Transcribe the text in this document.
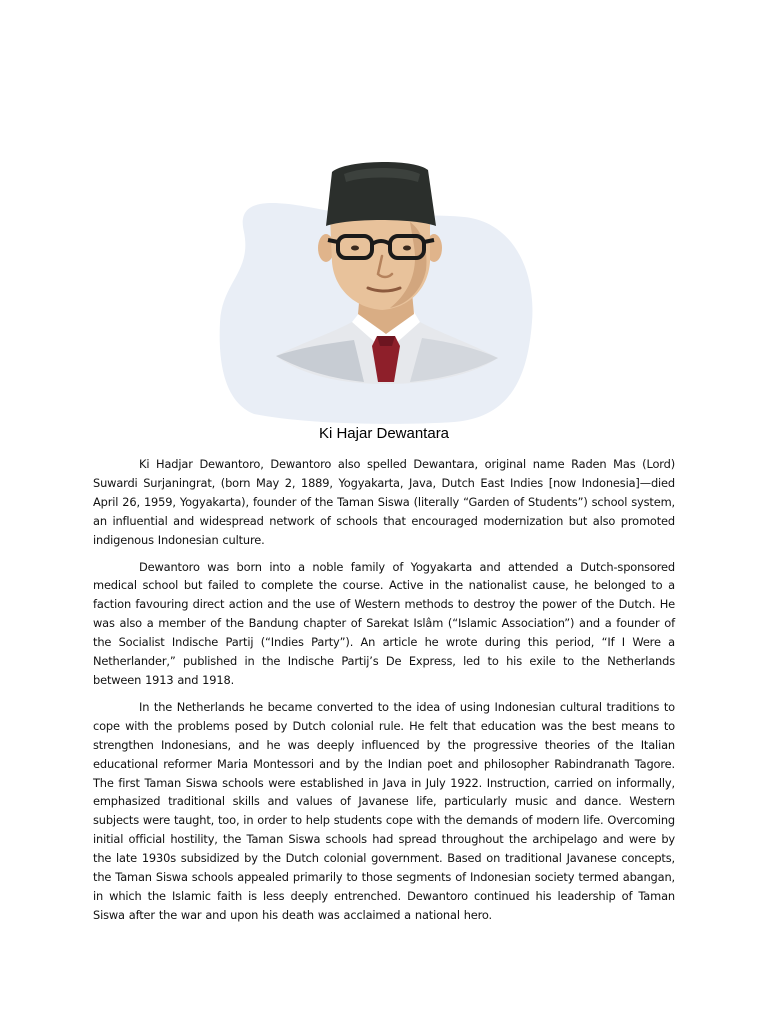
Ki Hajar Dewantara

Ki Hadjar Dewantoro, Dewantoro also spelled Dewantara, original name Raden Mas (Lord) Suwardi Surjaningrat, (born May 2, 1889, Yogyakarta, Java, Dutch East Indies [now Indonesia]—died April 26, 1959, Yogyakarta), founder of the Taman Siswa (literally “Garden of Students”) school system, an influential and widespread network of schools that encouraged modernization but also promoted indigenous Indonesian culture.

Dewantoro was born into a noble family of Yogyakarta and attended a Dutch-sponsored medical school but failed to complete the course. Active in the nationalist cause, he belonged to a faction favouring direct action and the use of Western methods to destroy the power of the Dutch. He was also a member of the Bandung chapter of Sarekat Islâm (“Islamic Association”) and a founder of the Socialist Indische Partij (“Indies Party”). An article he wrote during this period, “If I Were a Netherlander,” published in the Indische Partij’s De Express, led to his exile to the Netherlands between 1913 and 1918.

In the Netherlands he became converted to the idea of using Indonesian cultural traditions to cope with the problems posed by Dutch colonial rule. He felt that education was the best means to strengthen Indonesians, and he was deeply influenced by the progressive theories of the Italian educational reformer Maria Montessori and by the Indian poet and philosopher Rabindranath Tagore. The first Taman Siswa schools were established in Java in July 1922. Instruction, carried on informally, emphasized traditional skills and values of Javanese life, particularly music and dance. Western subjects were taught, too, in order to help students cope with the demands of modern life. Overcoming initial official hostility, the Taman Siswa schools had spread throughout the archipelago and were by the late 1930s subsidized by the Dutch colonial government. Based on traditional Javanese concepts, the Taman Siswa schools appealed primarily to those segments of Indonesian society termed abangan, in which the Islamic faith is less deeply entrenched. Dewantoro continued his leadership of Taman Siswa after the war and upon his death was acclaimed a national hero.
